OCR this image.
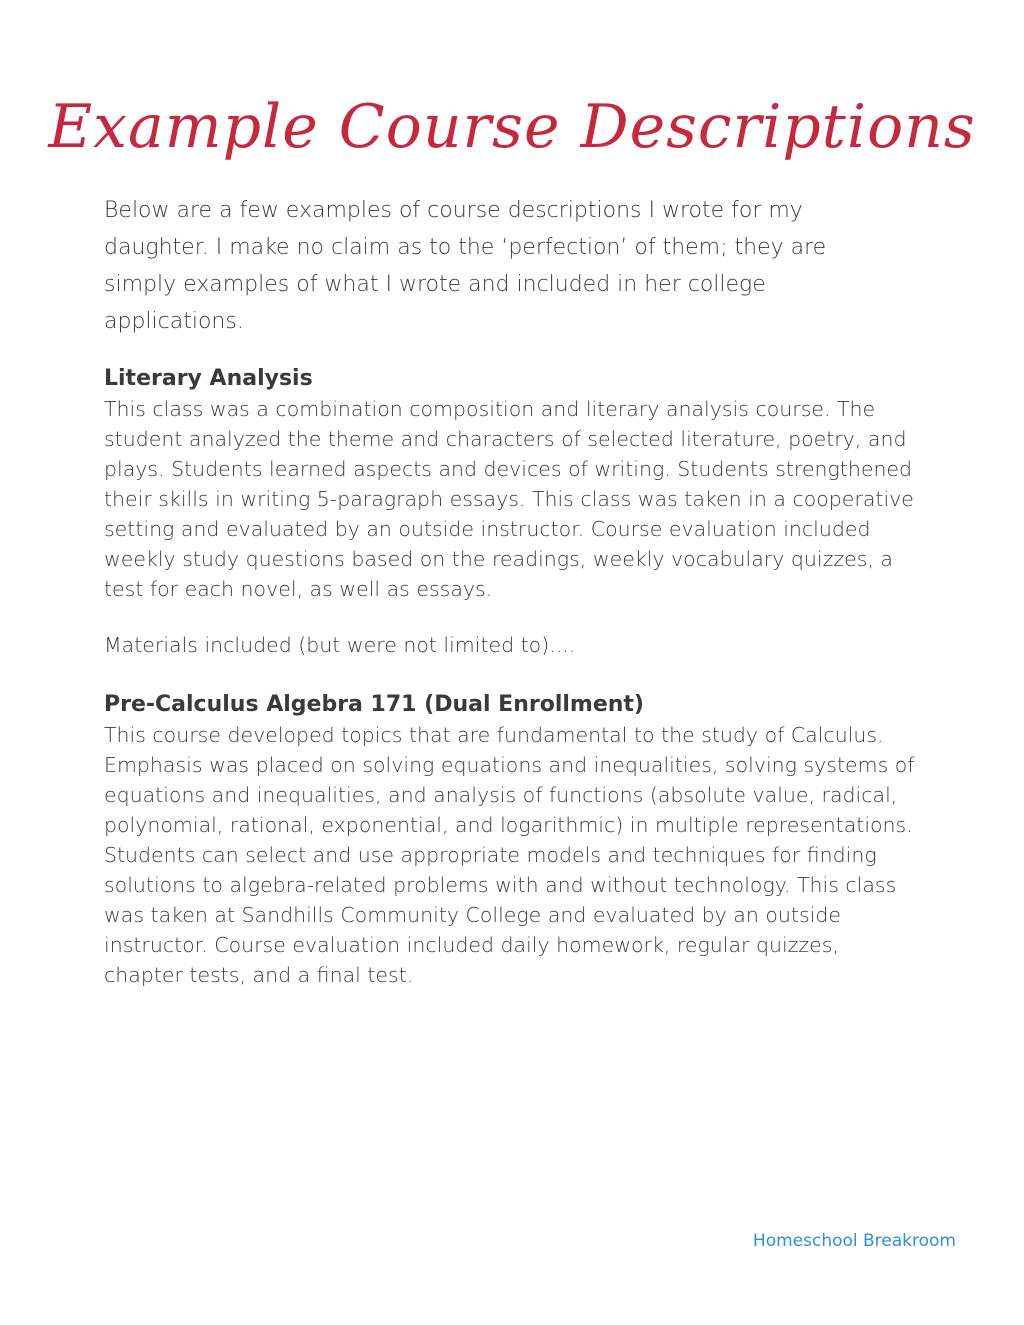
Example Course Descriptions

Below are a few examples of course descriptions I wrote for my daughter. I make no claim as to the ‘perfection’ of them; they are simply examples of what I wrote and included in her college applications.

Literary Analysis

This class was a combination composition and literary analysis course. The student analyzed the theme and characters of selected literature, poetry, and plays. Students learned aspects and devices of writing. Students strengthened their skills in writing 5-paragraph essays. This class was taken in a cooperative setting and evaluated by an outside instructor. Course evaluation included weekly study questions based on the readings, weekly vocabulary quizzes, a test for each novel, as well as essays.

Materials included (but were not limited to)....

Pre-Calculus Algebra 171 (Dual Enrollment)

This course developed topics that are fundamental to the study of Calculus. Emphasis was placed on solving equations and inequalities, solving systems of equations and inequalities, and analysis of functions (absolute value, radical, polynomial, rational, exponential, and logarithmic) in multiple representations. Students can select and use appropriate models and techniques for finding solutions to algebra-related problems with and without technology. This class was taken at Sandhills Community College and evaluated by an outside instructor. Course evaluation included daily homework, regular quizzes, chapter tests, and a final test.

Homeschool Breakroom
